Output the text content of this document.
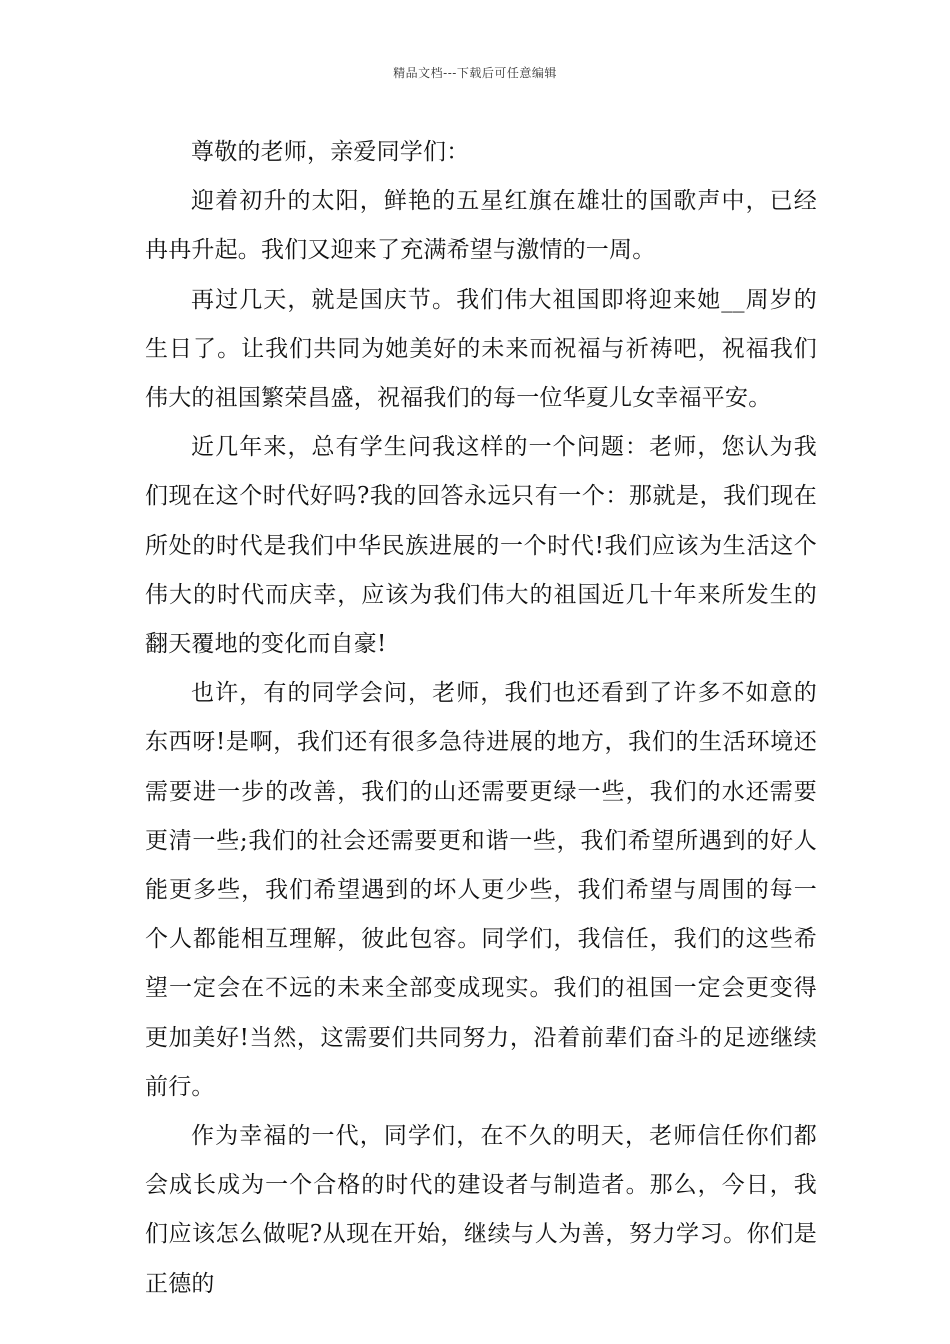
精品文档---下载后可任意编辑

尊敬的老师，亲爱同学们：

迎着初升的太阳，鲜艳的五星红旗在雄壮的国歌声中，已经冉冉升起。我们又迎来了充满希望与激情的一周。

再过几天，就是国庆节。我们伟大祖国即将迎来她__周岁的生日了。让我们共同为她美好的未来而祝福与祈祷吧，祝福我们伟大的祖国繁荣昌盛，祝福我们的每一位华夏儿女幸福平安。

近几年来，总有学生问我这样的一个问题：老师，您认为我们现在这个时代好吗?我的回答永远只有一个：那就是，我们现在所处的时代是我们中华民族进展的一个时代!我们应该为生活这个伟大的时代而庆幸，应该为我们伟大的祖国近几十年来所发生的翻天覆地的变化而自豪!

也许，有的同学会问，老师，我们也还看到了许多不如意的东西呀!是啊，我们还有很多急待进展的地方，我们的生活环境还需要进一步的改善，我们的山还需要更绿一些，我们的水还需要更清一些;我们的社会还需要更和谐一些，我们希望所遇到的好人能更多些，我们希望遇到的坏人更少些，我们希望与周围的每一个人都能相互理解，彼此包容。同学们，我信任，我们的这些希望一定会在不远的未来全部变成现实。我们的祖国一定会更变得更加美好!当然，这需要们共同努力，沿着前辈们奋斗的足迹继续前行。

作为幸福的一代，同学们，在不久的明天，老师信任你们都会成长成为一个合格的时代的建设者与制造者。那么，今日，我们应该怎么做呢?从现在开始，继续与人为善，努力学习。你们是正德的
